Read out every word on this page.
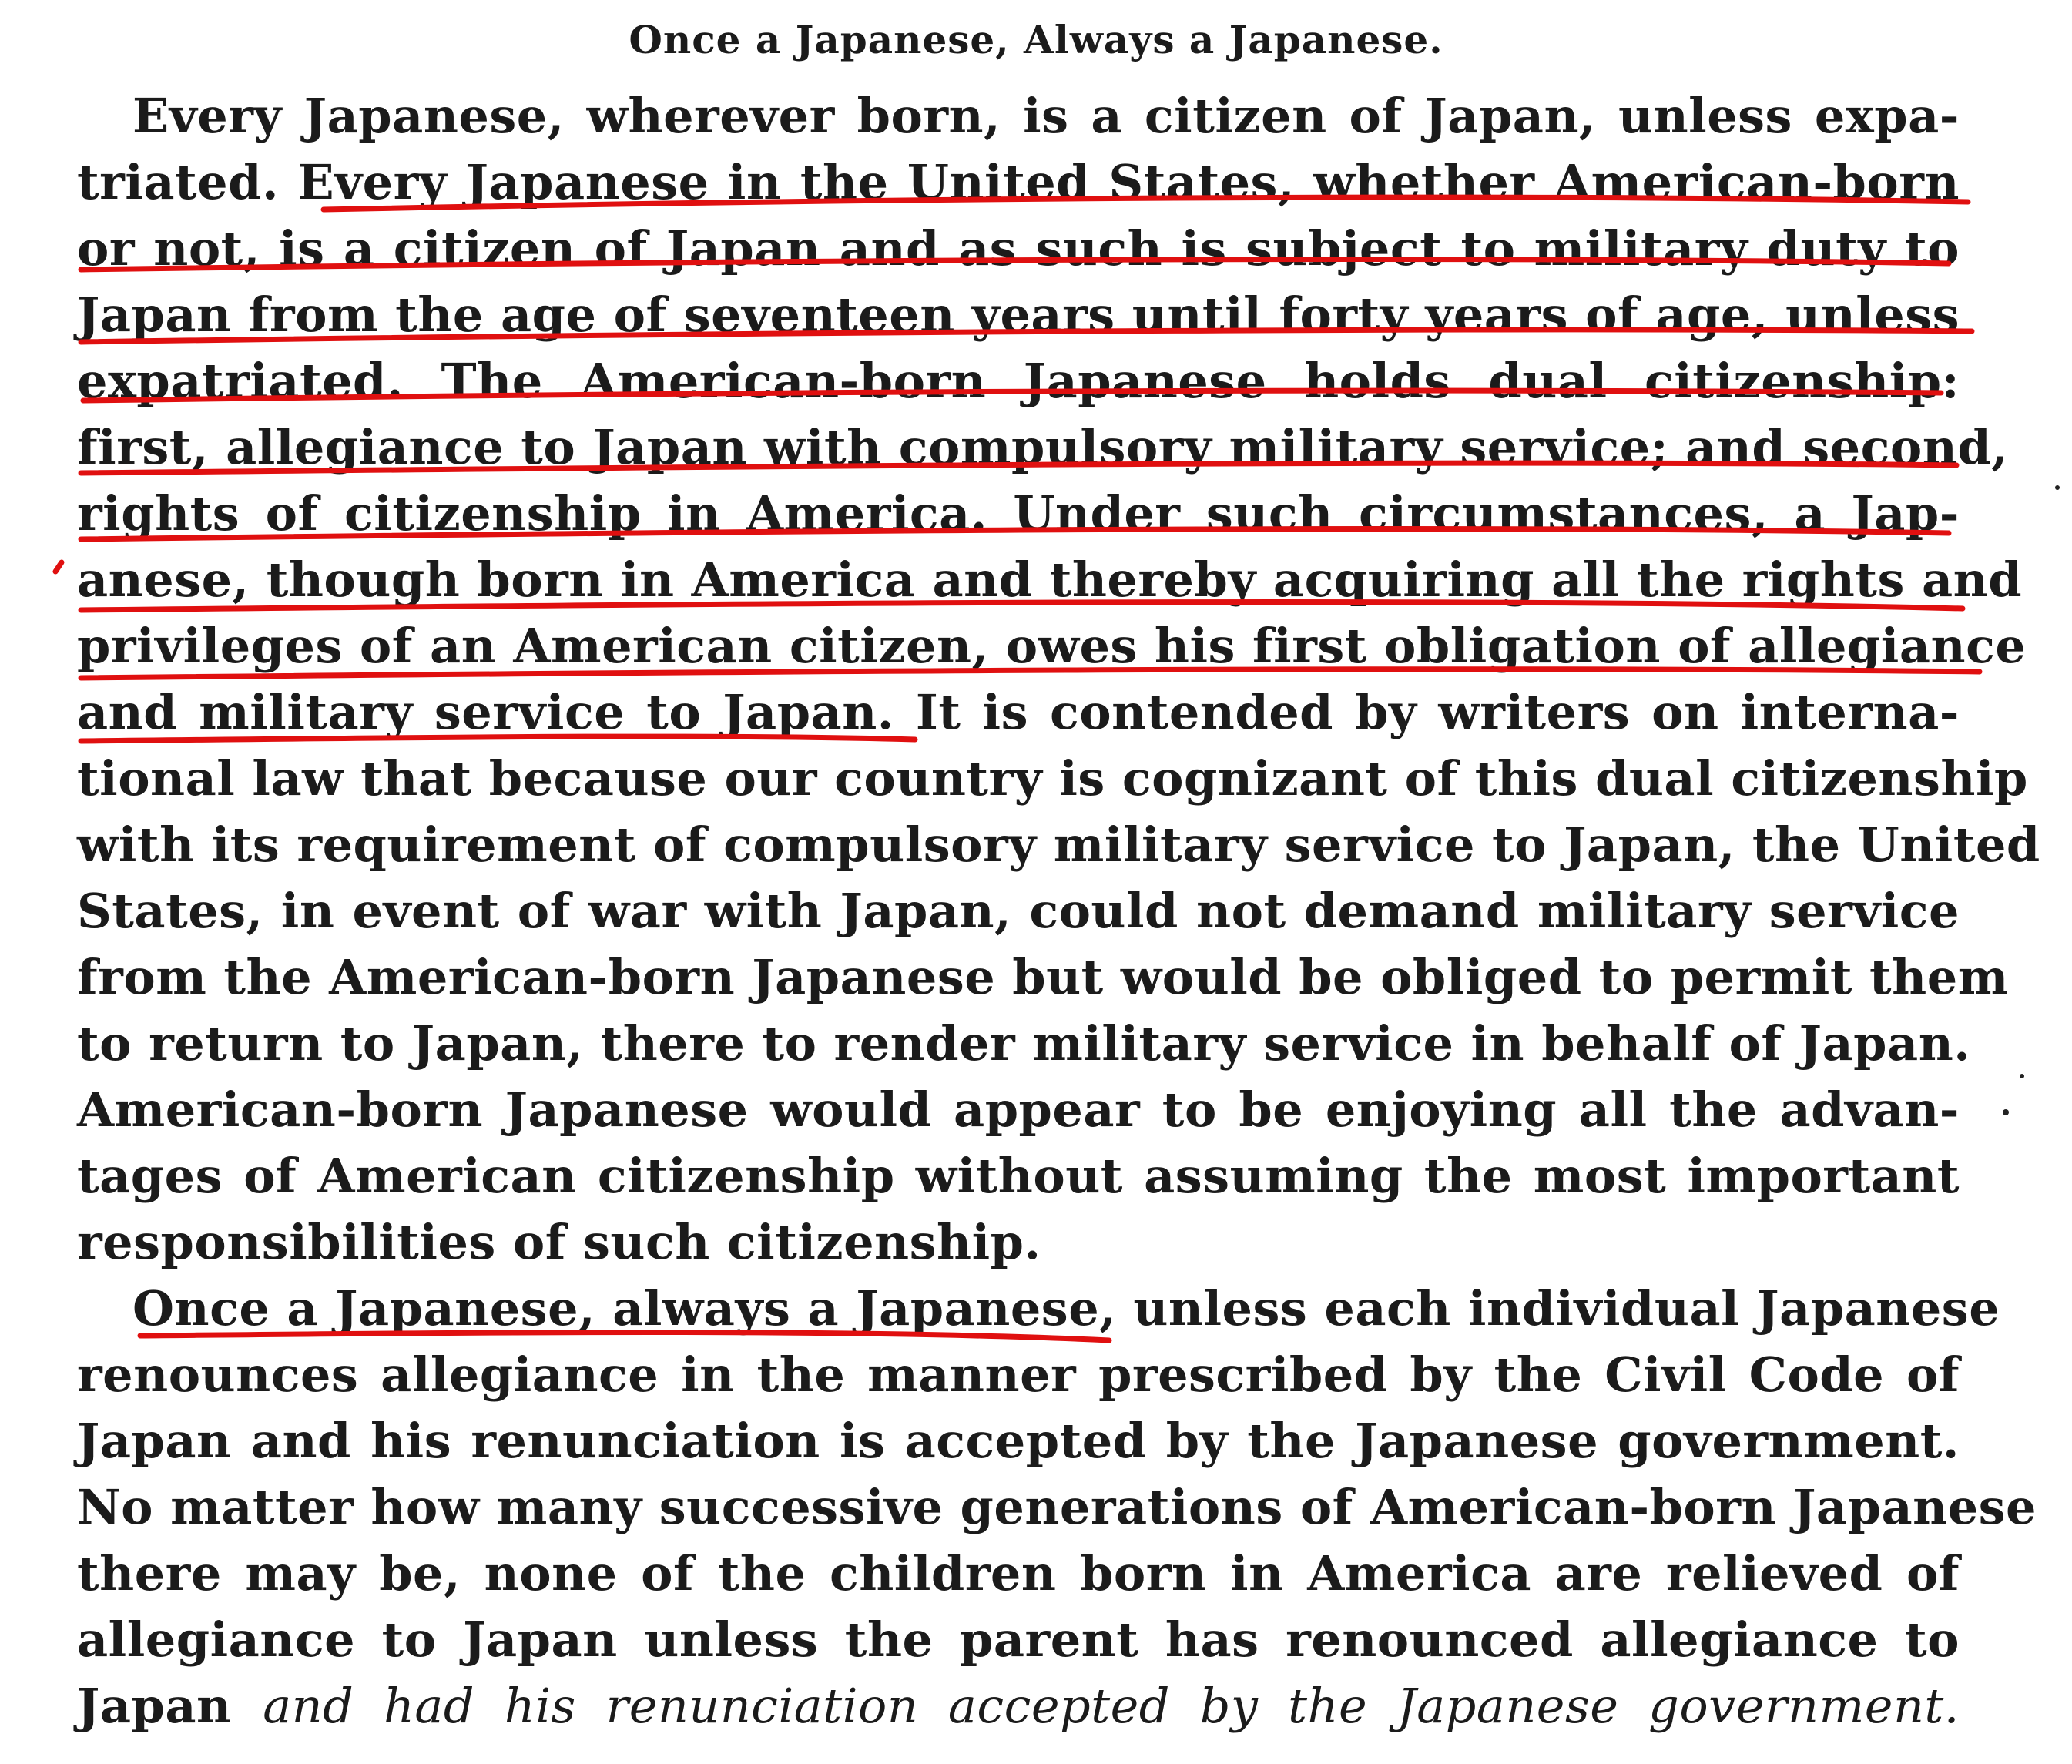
Once a Japanese, Always a Japanese.
Every Japanese, wherever born, is a citizen of Japan, unless expa-
triated. Every Japanese in the United States, whether American-born
or not, is a citizen of Japan and as such is subject to military duty to
Japan from the age of seventeen years until forty years of age, unless
expatriated. The American-born Japanese holds dual citizenship:
first, allegiance to Japan with compulsory military service; and second,
rights of citizenship in America. Under such circumstances, a Jap-
anese, though born in America and thereby acquiring all the rights and
privileges of an American citizen, owes his first obligation of allegiance
and military service to Japan. It is contended by writers on interna-
tional law that because our country is cognizant of this dual citizenship
with its requirement of compulsory military service to Japan, the United
States, in event of war with Japan, could not demand military service
from the American-born Japanese but would be obliged to permit them
to return to Japan, there to render military service in behalf of Japan.
American-born Japanese would appear to be enjoying all the advan-
tages of American citizenship without assuming the most important
responsibilities of such citizenship.
Once a Japanese, always a Japanese, unless each individual Japanese
renounces allegiance in the manner prescribed by the Civil Code of
Japan and his renunciation is accepted by the Japanese government.
No matter how many successive generations of American-born Japanese
there may be, none of the children born in America are relieved of
allegiance to Japan unless the parent has renounced allegiance to
Japan and had his renunciation accepted by the Japanese government.
